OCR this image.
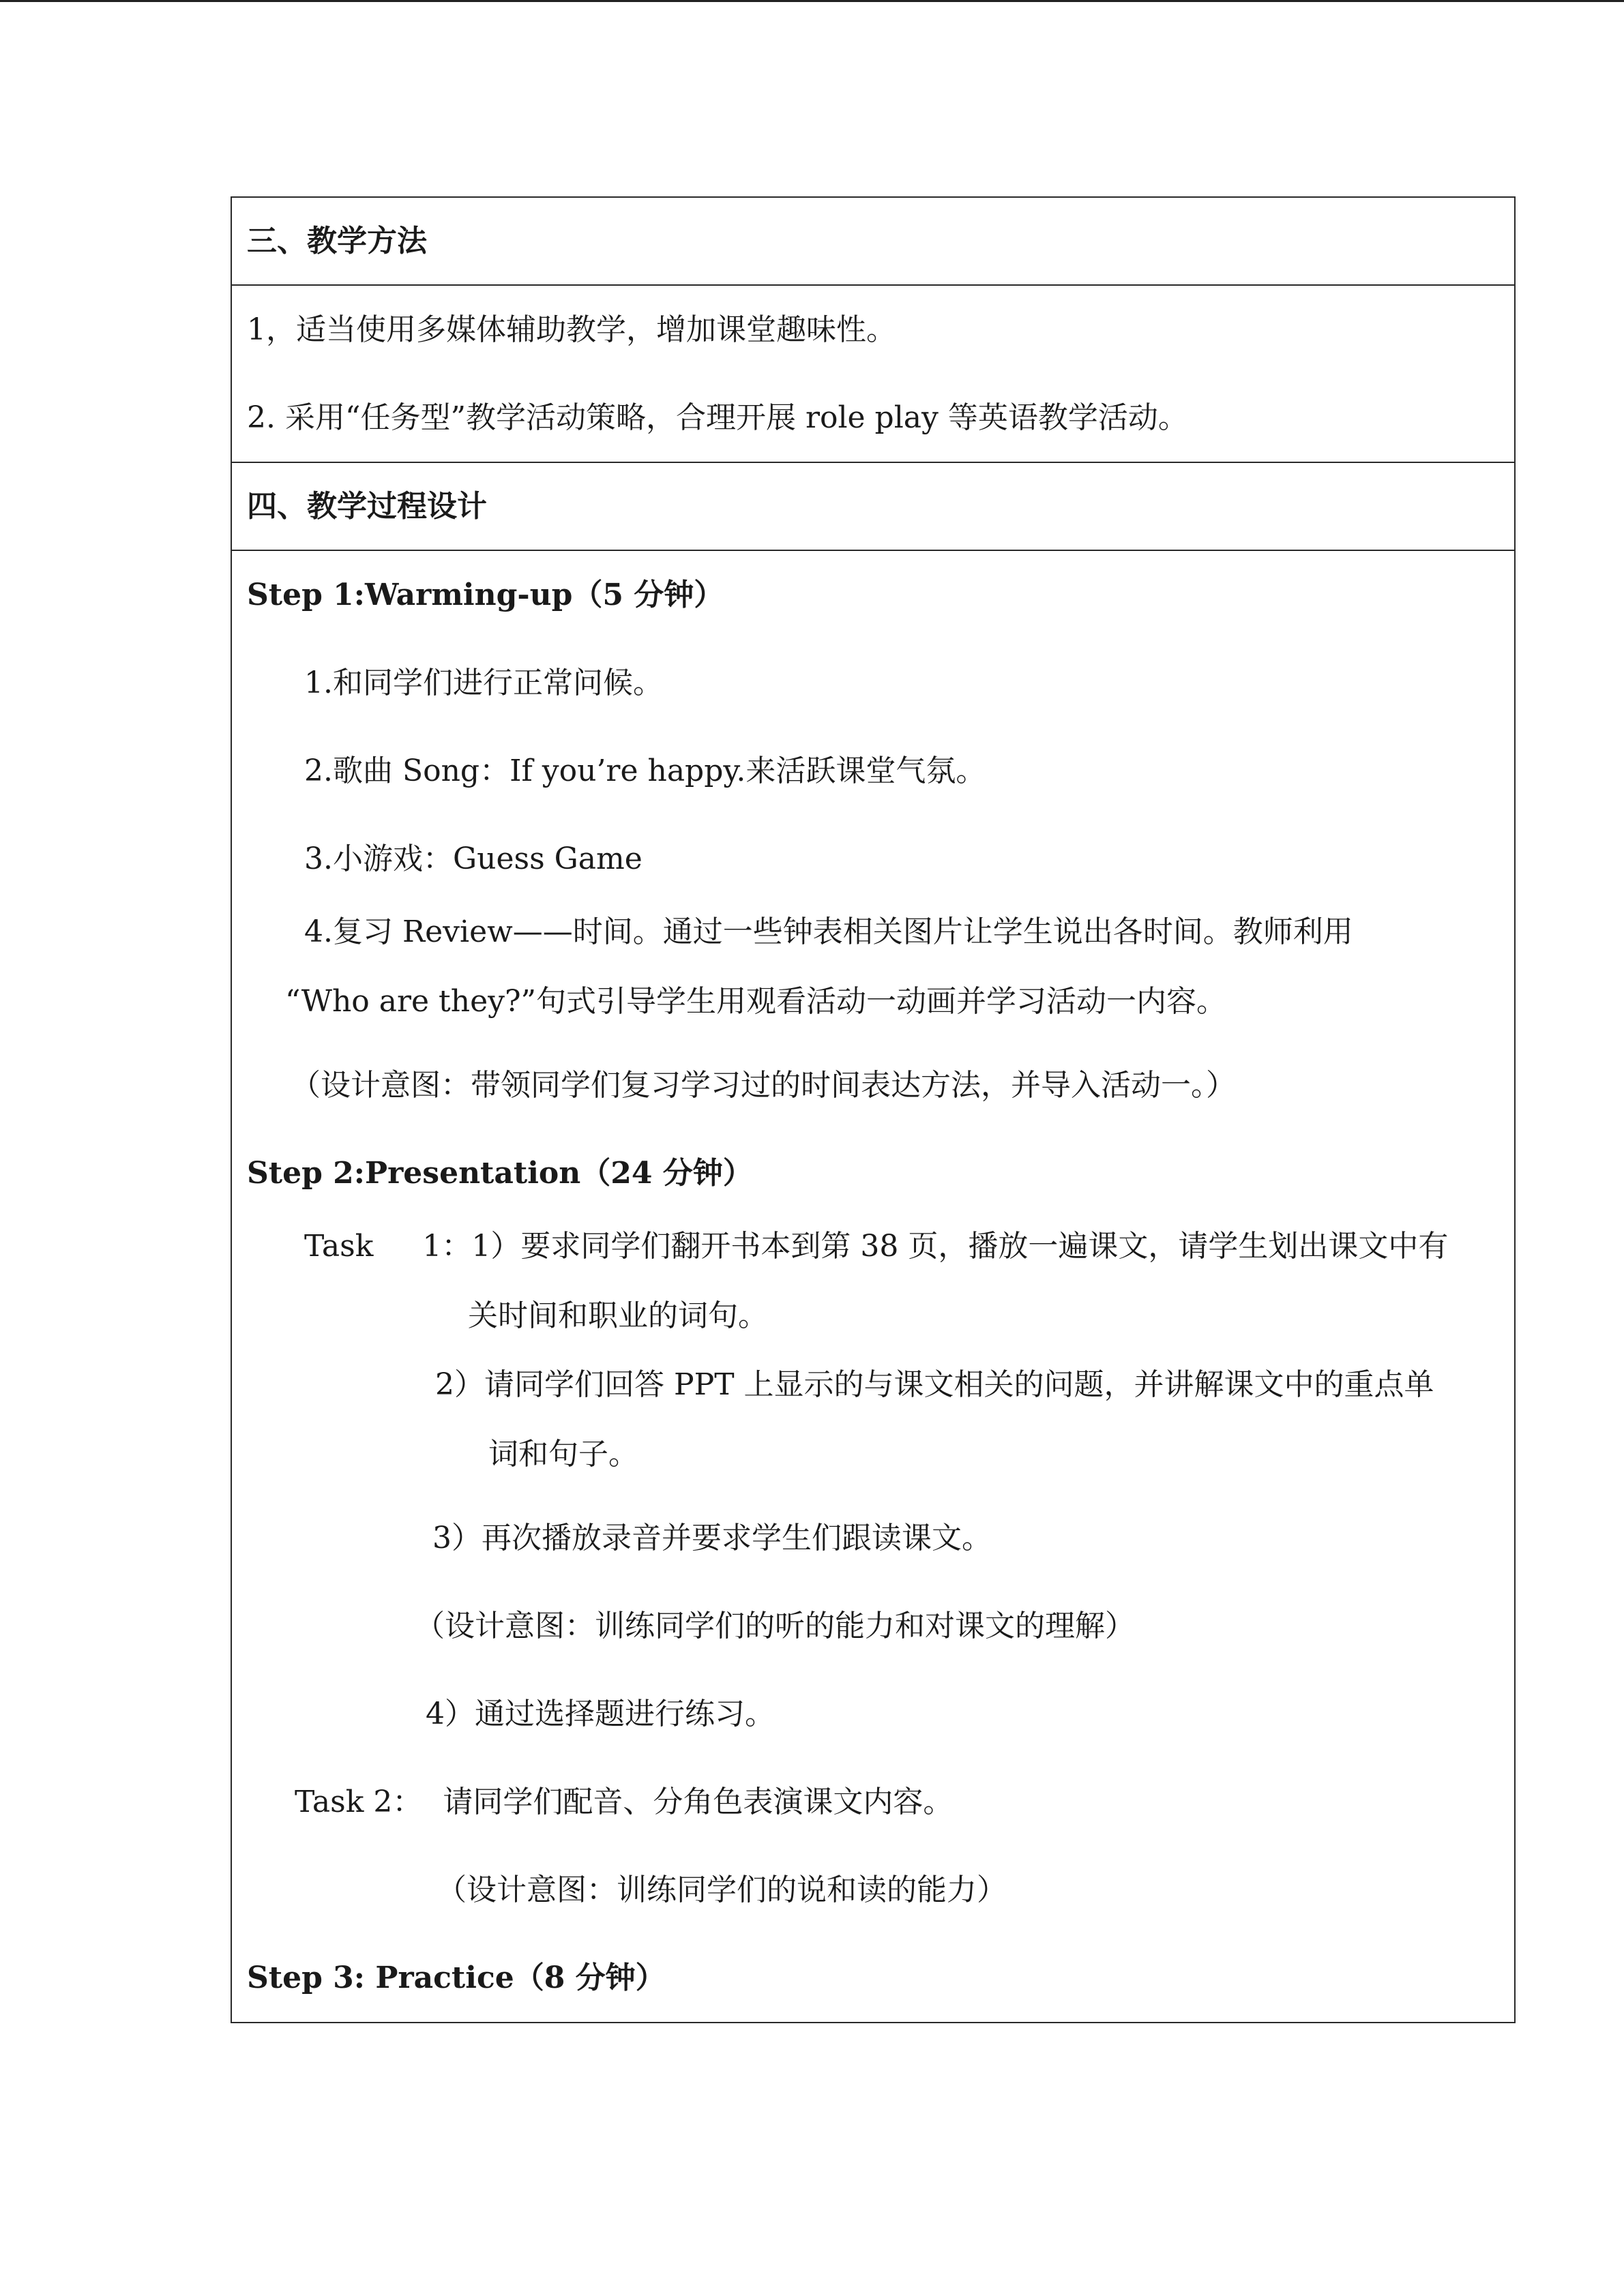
三、教学方法
1，适当使用多媒体辅助教学，增加课堂趣味性。
2. 采用“任务型”教学活动策略，合理开展 role play 等英语教学活动。
四、教学过程设计
Step 1:Warming-up（5 分钟）
1.和同学们进行正常问候。
2.歌曲 Song：If you’re happy.来活跃课堂气氛。
3.小游戏：Guess Game
4.复习 Review——时间。通过一些钟表相关图片让学生说出各时间。教师利用
“Who are they?”句式引导学生用观看活动一动画并学习活动一内容。
（设计意图：带领同学们复习学习过的时间表达方法，并导入活动一。）
Step 2:Presentation（24 分钟）
Task 1：1）要求同学们翻开书本到第 38 页，播放一遍课文，请学生划出课文中有
关时间和职业的词句。
2）请同学们回答 PPT 上显示的与课文相关的问题，并讲解课文中的重点单
词和句子。
3）再次播放录音并要求学生们跟读课文。
（设计意图：训练同学们的听的能力和对课文的理解）
4）通过选择题进行练习。
Task 2： 请同学们配音、分角色表演课文内容。
（设计意图：训练同学们的说和读的能力）
Step 3: Practice（8 分钟）
